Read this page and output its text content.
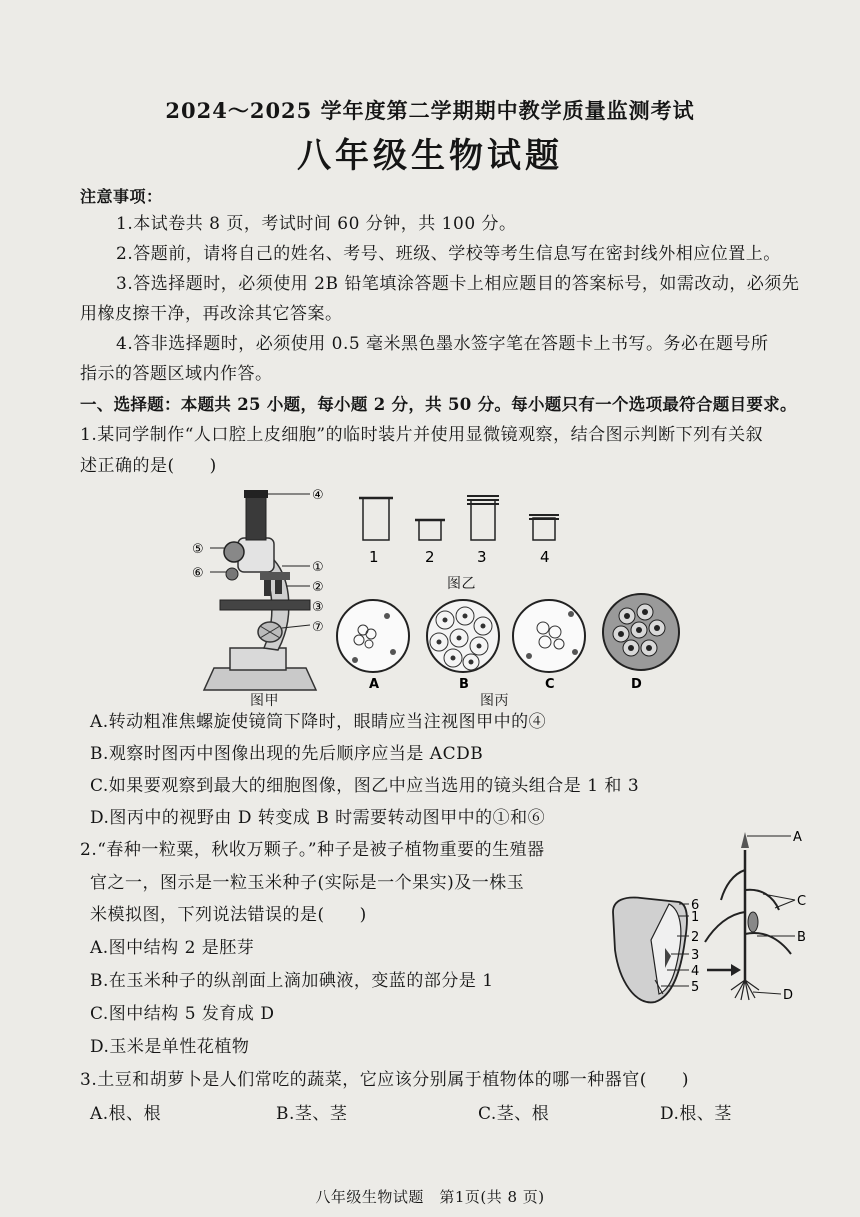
2024～2025 学年度第二学期期中教学质量监测考试
八年级生物试题
注意事项：
1.本试卷共 8 页，考试时间 60 分钟，共 100 分。
2.答题前，请将自己的姓名、考号、班级、学校等考生信息写在密封线外相应位置上。
3.答选择题时，必须使用 2B 铅笔填涂答题卡上相应题目的答案标号，如需改动，必须先
用橡皮擦干净，再改涂其它答案。
4.答非选择题时，必须使用 0.5 毫米黑色墨水签字笔在答题卡上书写。务必在题号所
指示的答题区域内作答。
一、选择题：本题共 25 小题，每小题 2 分，共 50 分。每小题只有一个选项最符合题目要求。
1.某同学制作“人口腔上皮细胞”的临时装片并使用显微镜观察，结合图示判断下列有关叙
述正确的是(　　)
④
⑤
⑥	①
②
③
⑦
图甲
1	2	3	4
图乙
A	B	C	D
图丙
A.转动粗准焦螺旋使镜筒下降时，眼睛应当注视图甲中的④
B.观察时图丙中图像出现的先后顺序应当是 ACDB
C.如果要观察到最大的细胞图像，图乙中应当选用的镜头组合是 1 和 3
D.图丙中的视野由 D 转变成 B 时需要转动图甲中的①和⑥
2.“春种一粒粟，秋收万颗子。”种子是被子植物重要的生殖器
官之一，图示是一粒玉米种子(实际是一个果实)及一株玉
米模拟图，下列说法错误的是(　　)	6
1
2
3
4
5
A
C
B
D
A.图中结构 2 是胚芽
B.在玉米种子的纵剖面上滴加碘液，变蓝的部分是 1
C.图中结构 5 发育成 D
D.玉米是单性花植物
3.土豆和胡萝卜是人们常吃的蔬菜，它应该分别属于植物体的哪一种器官(　　)
A.根、根	B.茎、茎	C.茎、根	D.根、茎
八年级生物试题　第1页(共 8 页)
